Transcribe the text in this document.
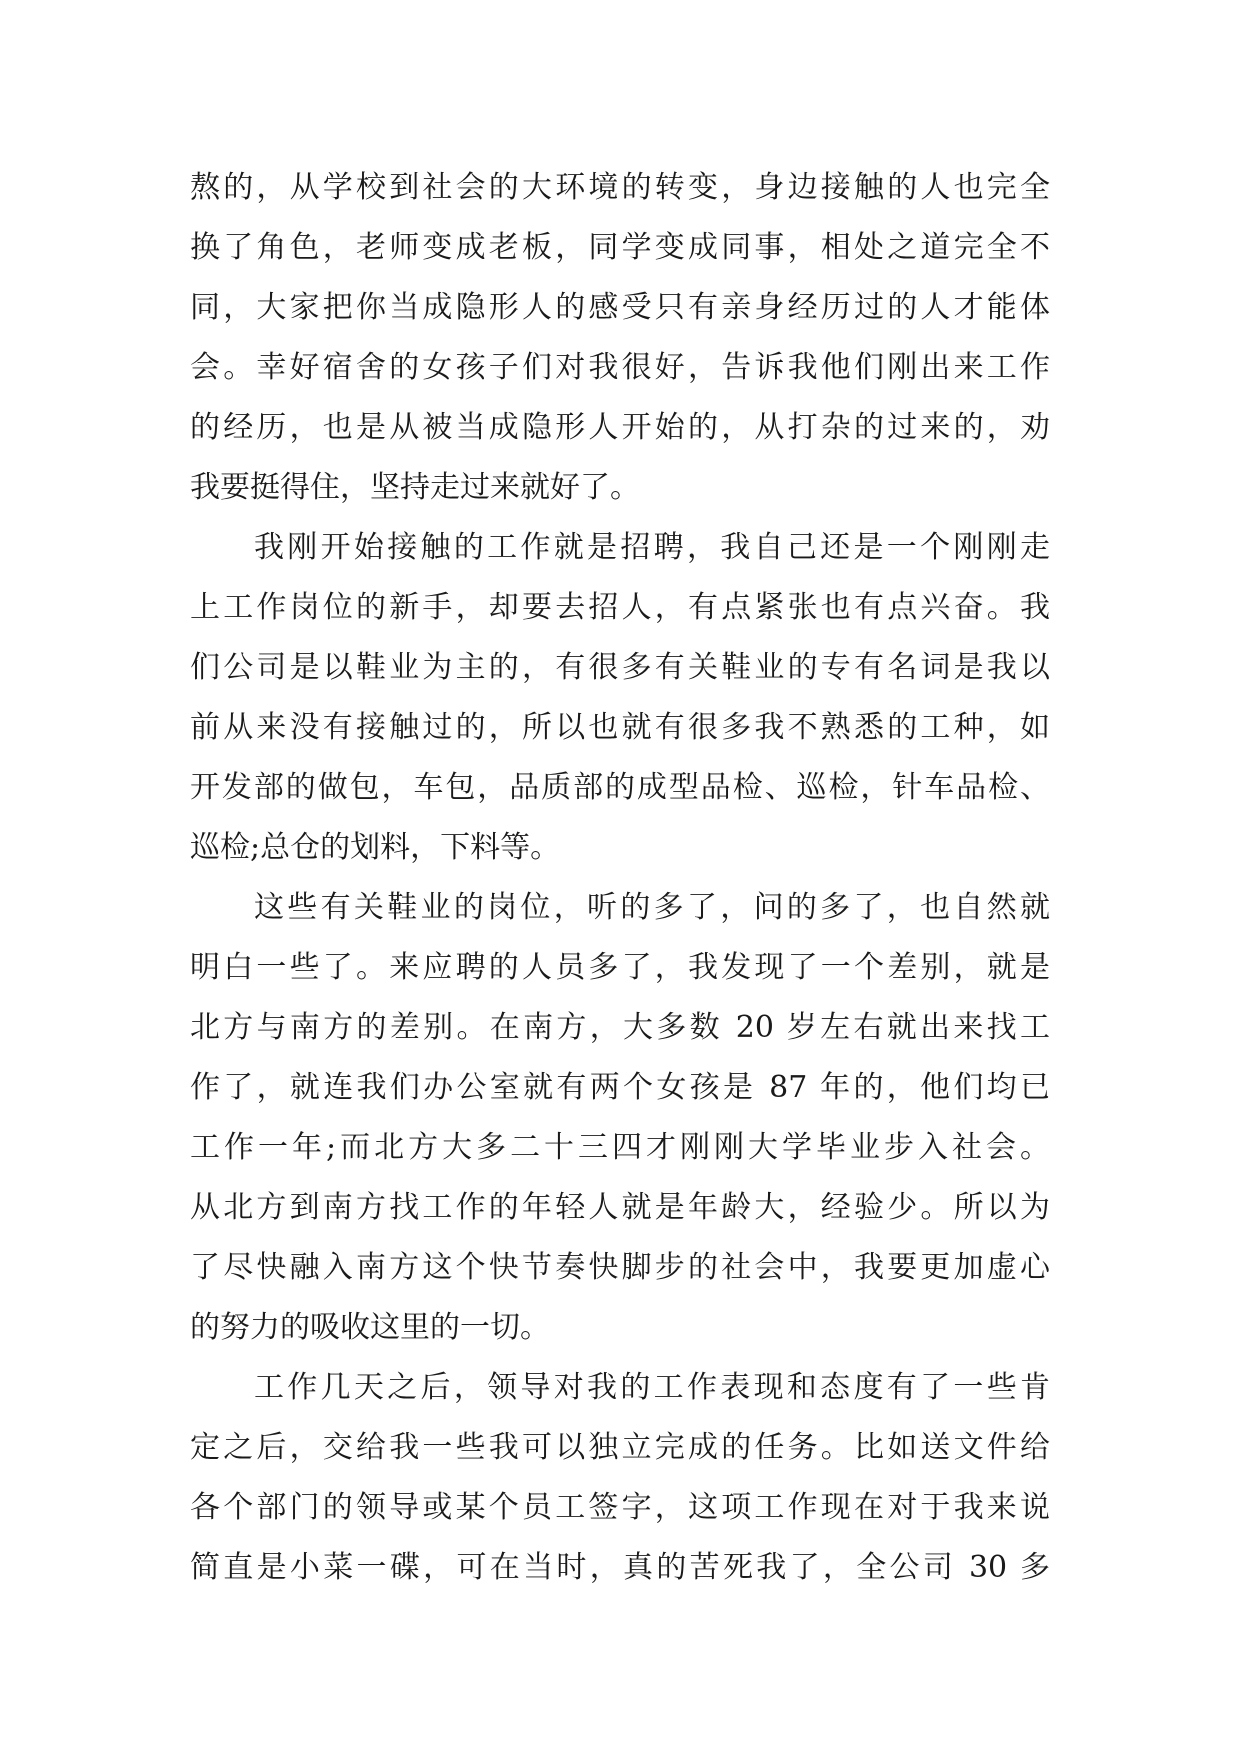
熬的，从学校到社会的大环境的转变，身边接触的人也完全
换了角色，老师变成老板，同学变成同事，相处之道完全不
同，大家把你当成隐形人的感受只有亲身经历过的人才能体
会。幸好宿舍的女孩子们对我很好，告诉我他们刚出来工作
的经历，也是从被当成隐形人开始的，从打杂的过来的，劝
我要挺得住，坚持走过来就好了。
我刚开始接触的工作就是招聘，我自己还是一个刚刚走
上工作岗位的新手，却要去招人，有点紧张也有点兴奋。我
们公司是以鞋业为主的，有很多有关鞋业的专有名词是我以
前从来没有接触过的，所以也就有很多我不熟悉的工种，如
开发部的做包，车包，品质部的成型品检、巡检，针车品检、
巡检;总仓的划料，下料等。
这些有关鞋业的岗位，听的多了，问的多了，也自然就
明白一些了。来应聘的人员多了，我发现了一个差别，就是
北方与南方的差别。在南方，大多数 20 岁左右就出来找工
作了，就连我们办公室就有两个女孩是 87 年的，他们均已
工作一年;而北方大多二十三四才刚刚大学毕业步入社会。
从北方到南方找工作的年轻人就是年龄大，经验少。所以为
了尽快融入南方这个快节奏快脚步的社会中，我要更加虚心
的努力的吸收这里的一切。
工作几天之后，领导对我的工作表现和态度有了一些肯
定之后，交给我一些我可以独立完成的任务。比如送文件给
各个部门的领导或某个员工签字，这项工作现在对于我来说
简直是小菜一碟，可在当时，真的苦死我了，全公司 30 多
